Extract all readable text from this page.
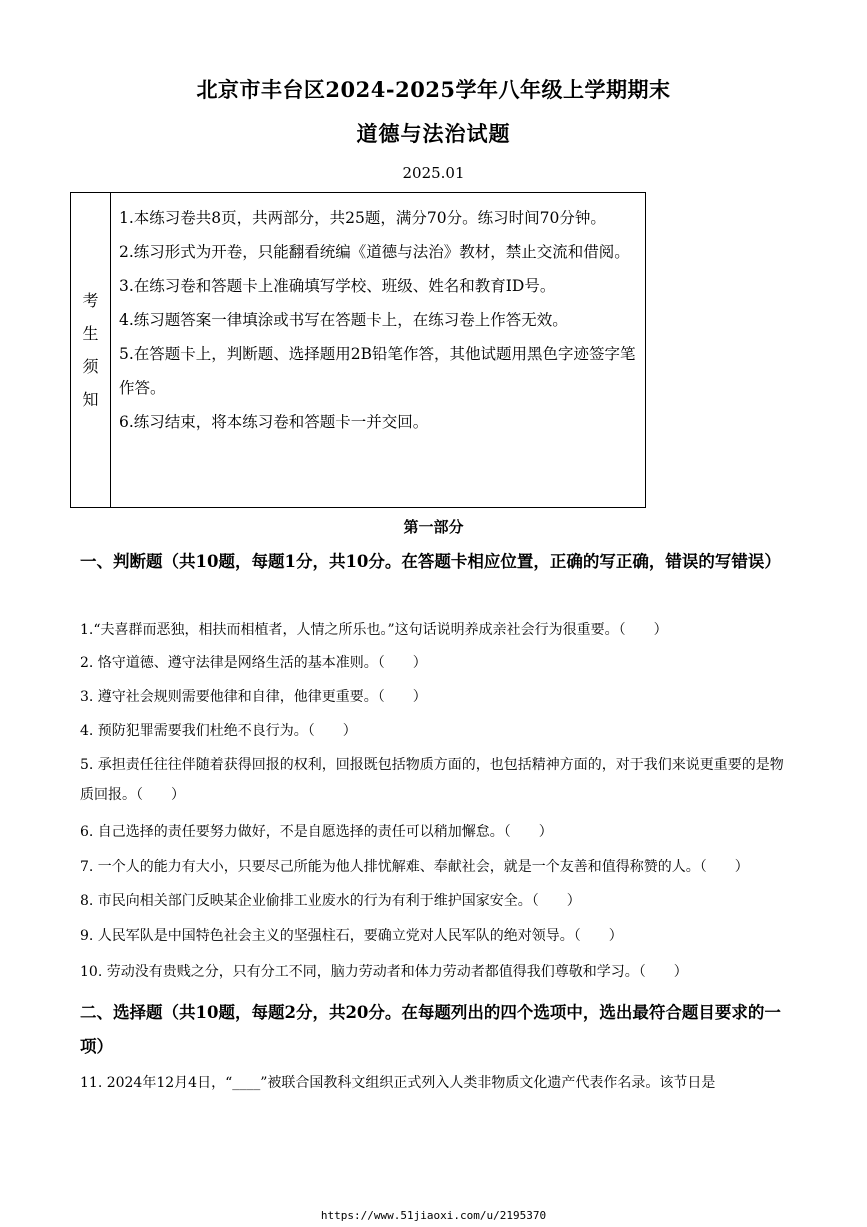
北京市丰台区2024-2025学年八年级上学期期末
道德与法治试题
2025.01
考
生
须
知
1.本练习卷共8页，共两部分，共25题，满分70分。练习时间70分钟。
2.练习形式为开卷，只能翻看统编《道德与法治》教材，禁止交流和借阅。
3.在练习卷和答题卡上准确填写学校、班级、姓名和教育ID号。
4.练习题答案一律填涂或书写在答题卡上，在练习卷上作答无效。
5.在答题卡上，判断题、选择题用2B铅笔作答，其他试题用黑色字迹签字笔作答。
6.练习结束，将本练习卷和答题卡一并交回。
第一部分
一、判断题（共10题，每题1分，共10分。在答题卡相应位置，正确的写正确，错误的写错误）
1.“夫喜群而恶独，相扶而相植者，人情之所乐也。”这句话说明养成亲社会行为很重要。（　　）
2. 恪守道德、遵守法律是网络生活的基本准则。（　　）
3. 遵守社会规则需要他律和自律，他律更重要。（　　）
4. 预防犯罪需要我们杜绝不良行为。（　　）
5. 承担责任往往伴随着获得回报的权利，回报既包括物质方面的，也包括精神方面的，对于我们来说更重要的是物质回报。（　　）
6. 自己选择的责任要努力做好，不是自愿选择的责任可以稍加懈怠。（　　）
7. 一个人的能力有大小，只要尽己所能为他人排忧解难、奉献社会，就是一个友善和值得称赞的人。（　　）
8. 市民向相关部门反映某企业偷排工业废水的行为有利于维护国家安全。（　　）
9. 人民军队是中国特色社会主义的坚强柱石，要确立党对人民军队的绝对领导。（　　）
10. 劳动没有贵贱之分，只有分工不同，脑力劳动者和体力劳动者都值得我们尊敬和学习。（　　）
二、选择题（共10题，每题2分，共20分。在每题列出的四个选项中，选出最符合题目要求的一项）
11. 2024年12月4日，“____”被联合国教科文组织正式列入人类非物质文化遗产代表作名录。该节日是
https://www.51jiaoxi.com/u/2195370
